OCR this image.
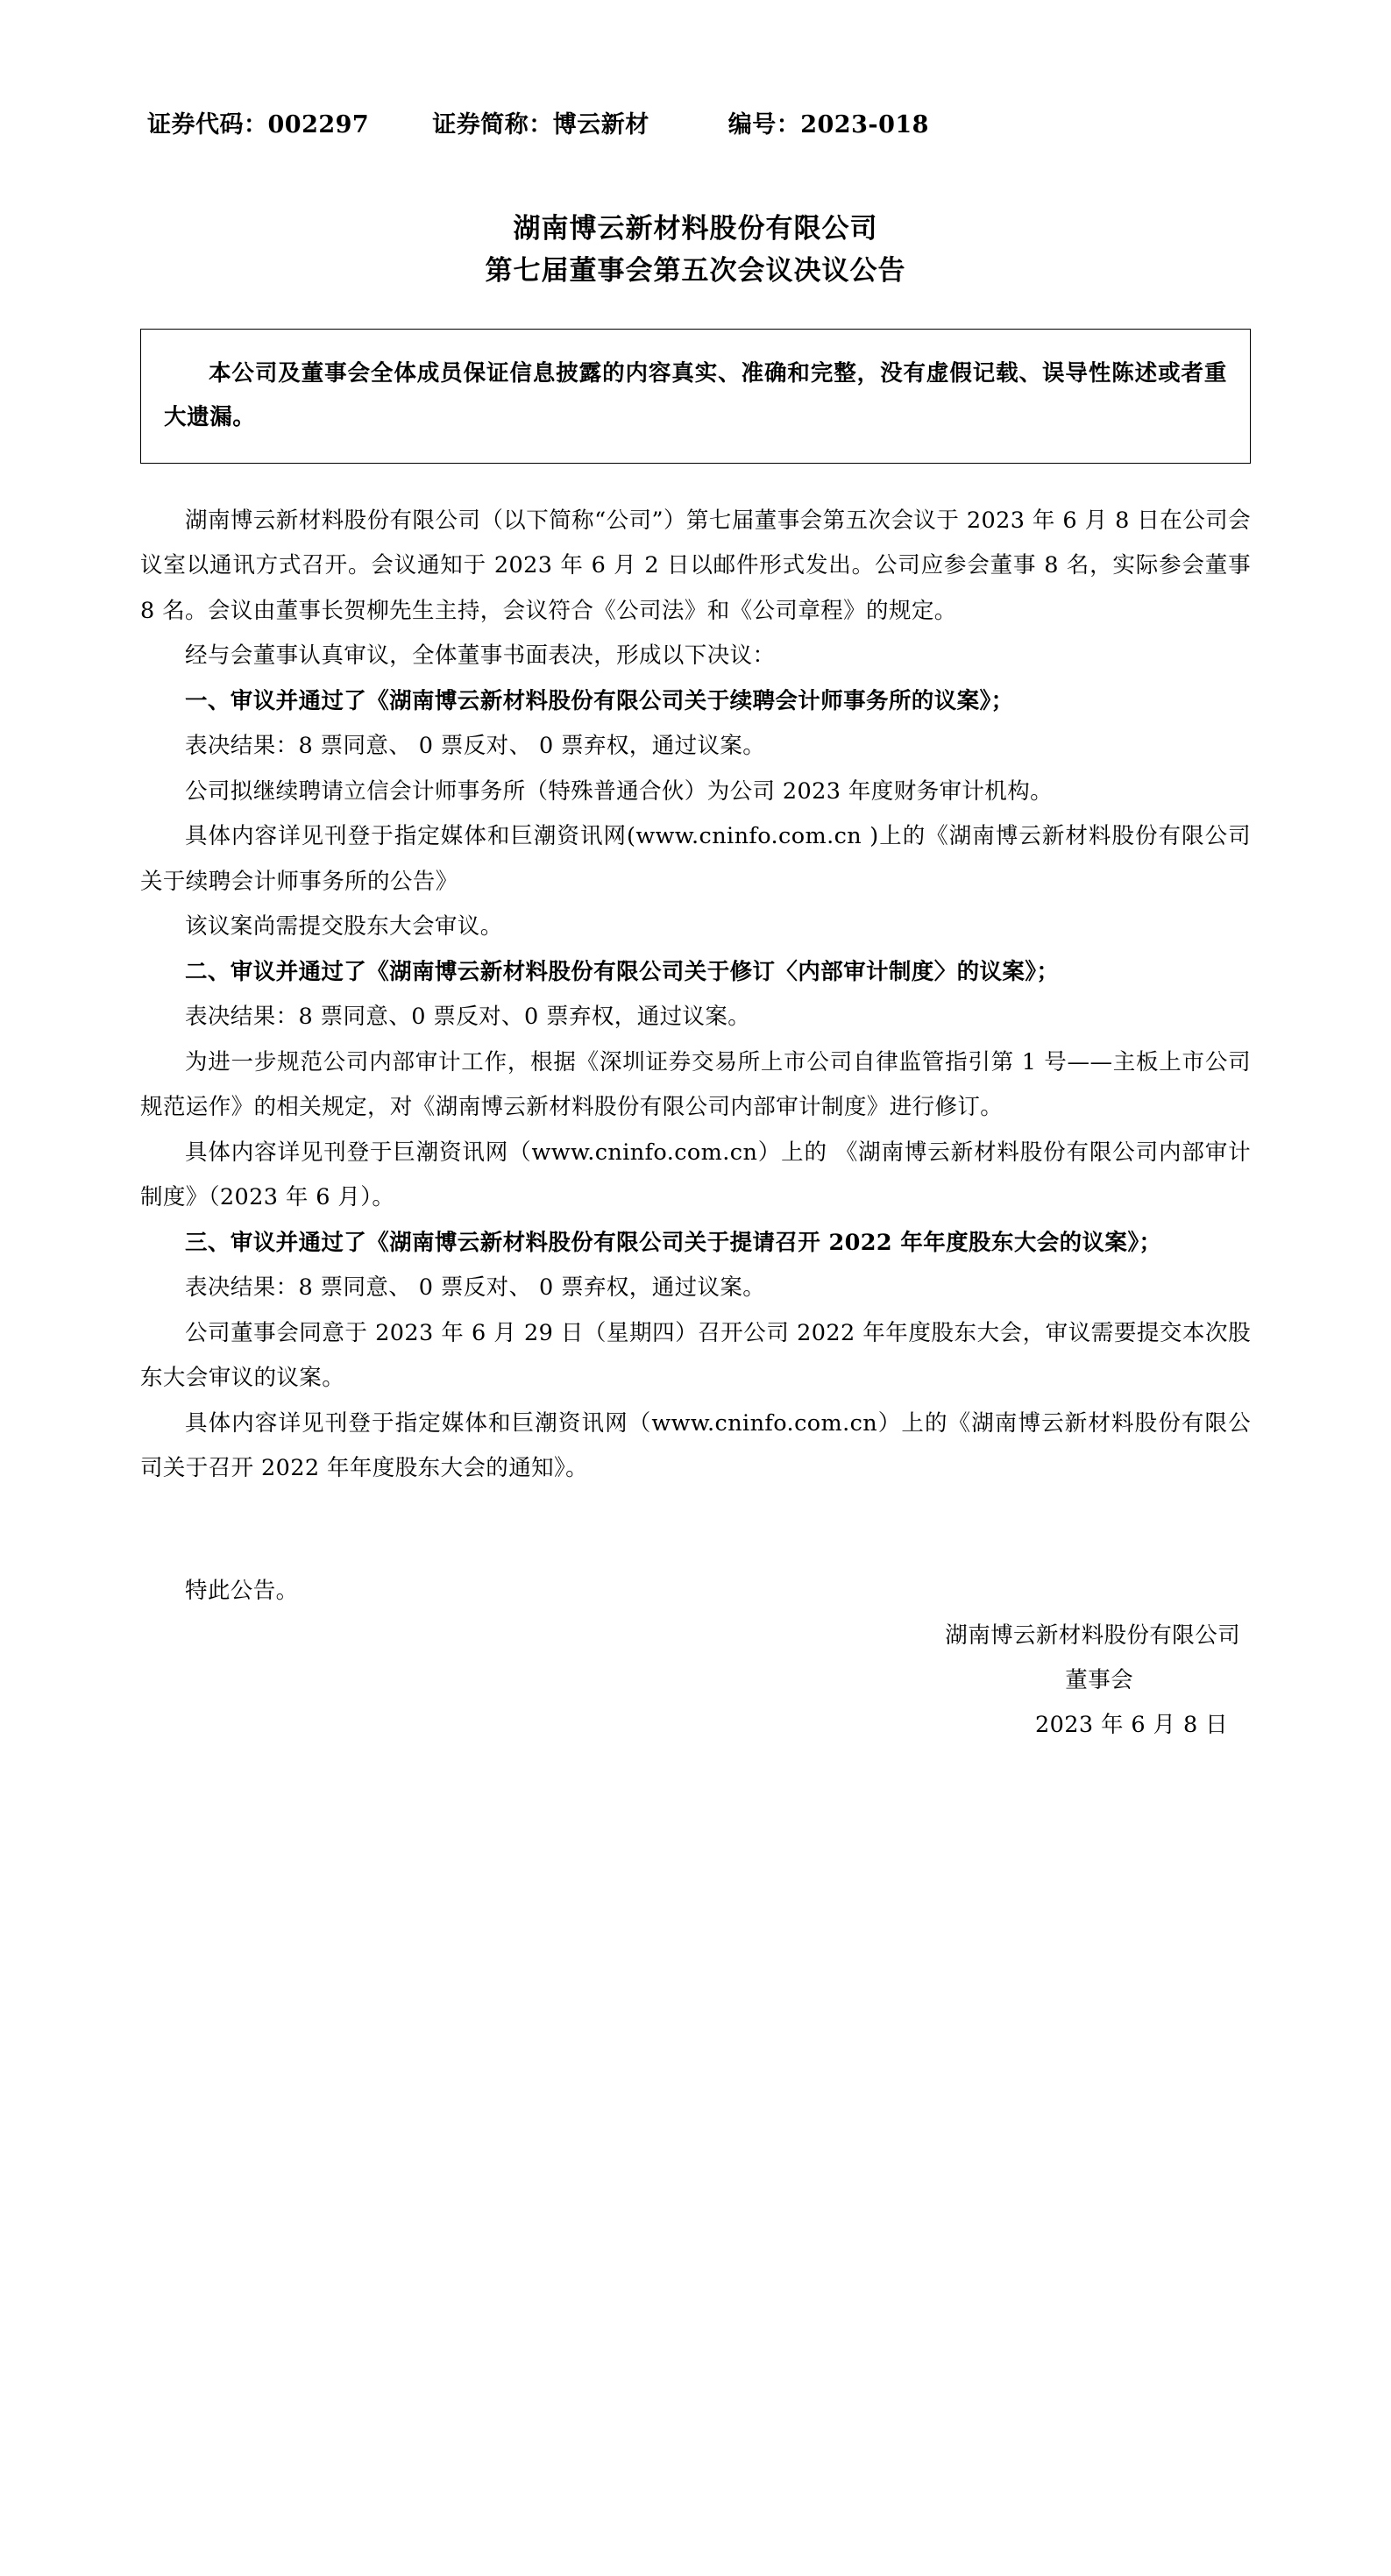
证券代码：002297	证券简称：博云新材	编号：2023-018
湖南博云新材料股份有限公司
第七届董事会第五次会议决议公告

本公司及董事会全体成员保证信息披露的内容真实、准确和完整，没有虚假记载、误导性陈述或者重大遗漏。

湖南博云新材料股份有限公司（以下简称“公司”）第七届董事会第五次会议于 2023 年 6 月 8 日在公司会议室以通讯方式召开。会议通知于 2023 年 6 月 2 日以邮件形式发出。公司应参会董事 8 名，实际参会董事 8 名。会议由董事长贺柳先生主持，会议符合《公司法》和《公司章程》的规定。

经与会董事认真审议，全体董事书面表决，形成以下决议：

一、审议并通过了《湖南博云新材料股份有限公司关于续聘会计师事务所的议案》；

表决结果：8 票同意、 0 票反对、 0 票弃权，通过议案。

公司拟继续聘请立信会计师事务所（特殊普通合伙）为公司 2023 年度财务审计机构。

具体内容详见刊登于指定媒体和巨潮资讯网(www.cninfo.com.cn )上的《湖南博云新材料股份有限公司关于续聘会计师事务所的公告》

该议案尚需提交股东大会审议。

二、审议并通过了《湖南博云新材料股份有限公司关于修订〈内部审计制度〉的议案》；

表决结果：8 票同意、0 票反对、0 票弃权，通过议案。

为进一步规范公司内部审计工作，根据《深圳证券交易所上市公司自律监管指引第 1 号——主板上市公司规范运作》的相关规定，对《湖南博云新材料股份有限公司内部审计制度》进行修订。

具体内容详见刊登于巨潮资讯网（www.cninfo.com.cn）上的 《湖南博云新材料股份有限公司内部审计制度》（2023 年 6 月）。

三、审议并通过了《湖南博云新材料股份有限公司关于提请召开 2022 年年度股东大会的议案》；

表决结果：8 票同意、 0 票反对、 0 票弃权，通过议案。

公司董事会同意于 2023 年 6 月 29 日（星期四）召开公司 2022 年年度股东大会，审议需要提交本次股东大会审议的议案。

具体内容详见刊登于指定媒体和巨潮资讯网（www.cninfo.com.cn）上的《湖南博云新材料股份有限公司关于召开 2022 年年度股东大会的通知》。

特此公告。

湖南博云新材料股份有限公司
董事会
2023 年 6 月 8 日
